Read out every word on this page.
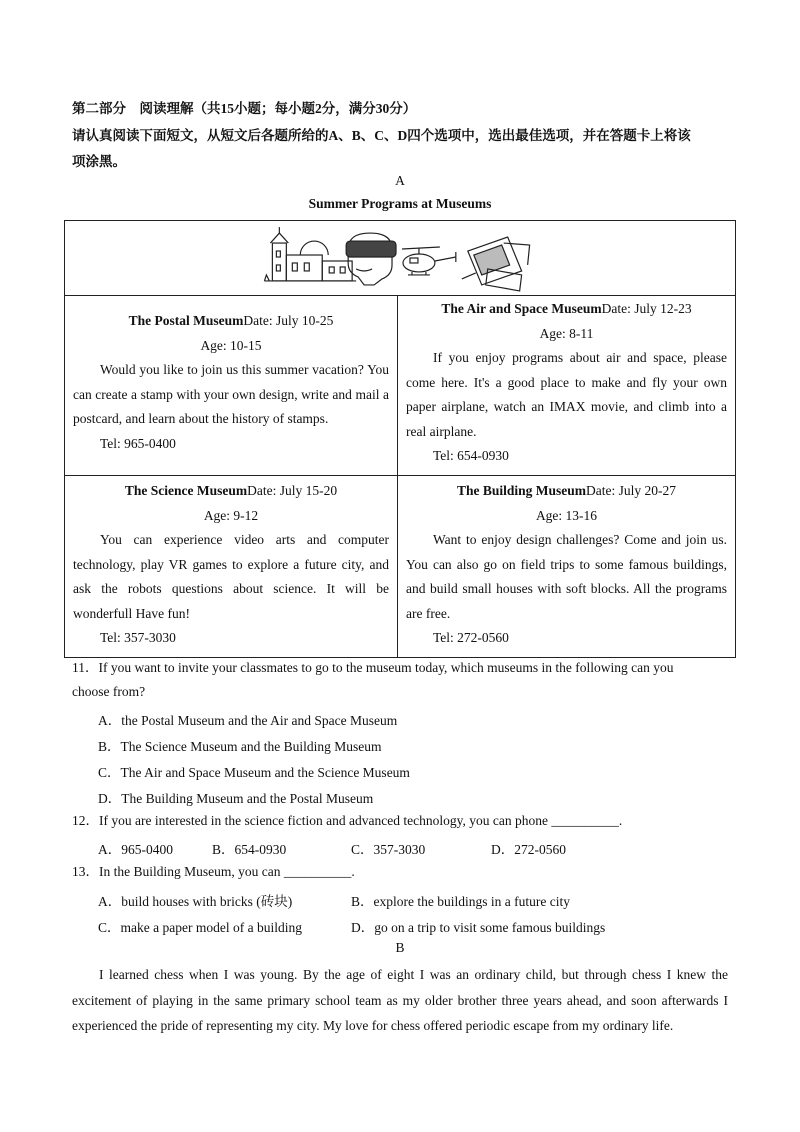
第二部分　阅读理解（共15小题；每小题2分，满分30分）
请认真阅读下面短文，从短文后各题所给的A、B、C、D四个选项中，选出最佳选项，并在答题卡上将该
项涂黑。
A
Summer Programs at Museums
The Postal MuseumDate: July 10-25
Age: 10-15
Would you like to join us this summer vacation? You can create a stamp with your own design, write and mail a postcard, and learn about the history of stamps.
Tel: 965-0400
The Air and Space MuseumDate: July 12-23
Age: 8-11
If you enjoy programs about air and space, please come here. It's a good place to make and fly your own paper airplane, watch an IMAX movie, and climb into a real airplane.
Tel: 654-0930
The Science MuseumDate: July 15-20
Age: 9-12
You can experience video arts and computer technology, play VR games to explore a future city, and ask the robots questions about science. It will be wonderfull Have fun!
Tel: 357-3030
The Building MuseumDate: July 20-27
Age: 13-16
Want to enjoy design challenges? Come and join us. You can also go on field trips to some famous buildings, and build small houses with soft blocks. All the programs are free.
Tel: 272-0560
11．If you want to invite your classmates to go to the museum today, which museums in the following can you
choose from?
A．the Postal Museum and the Air and Space Museum
B．The Science Museum and the Building Museum
C．The Air and Space Museum and the Science Museum
D．The Building Museum and the Postal Museum
12．If you are interested in the science fiction and advanced technology, you can phone __________.
A．965-0400	B．654-0930	C．357-3030	D．272-0560
13．In the Building Museum, you can __________.
A．build houses with bricks (砖块)	B．explore the buildings in a future city
C．make a paper model of a building	D．go on a trip to visit some famous buildings
B
I learned chess when I was young. By the age of eight I was an ordinary child, but through chess I knew the excitement of playing in the same primary school team as my older brother three years ahead, and soon afterwards I experienced the pride of representing my city. My love for chess offered periodic escape from my ordinary life.
